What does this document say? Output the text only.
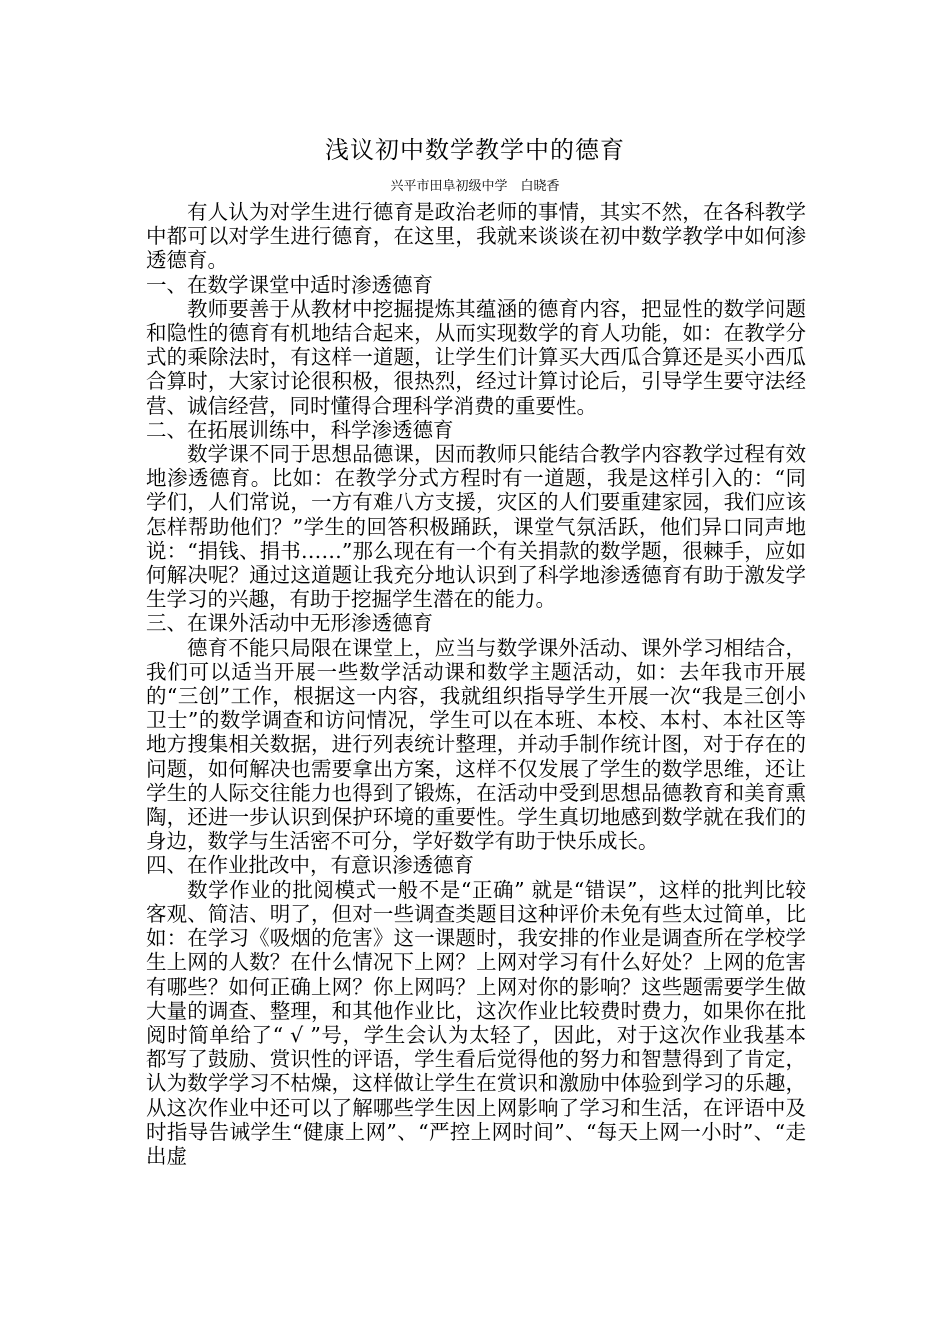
浅议初中数学教学中的德育
兴平市田阜初级中学　白晓香

有人认为对学生进行德育是政治老师的事情，其实不然，在各科教学中都可以对学生进行德育，在这里，我就来谈谈在初中数学教学中如何渗透德育。

一、在数学课堂中适时渗透德育

教师要善于从教材中挖掘提炼其蕴涵的德育内容，把显性的数学问题和隐性的德育有机地结合起来，从而实现数学的育人功能，如：在教学分式的乘除法时，有这样一道题，让学生们计算买大西瓜合算还是买小西瓜合算时，大家讨论很积极，很热烈，经过计算讨论后，引导学生要守法经营、诚信经营，同时懂得合理科学消费的重要性。

二、在拓展训练中，科学渗透德育

数学课不同于思想品德课，因而教师只能结合教学内容教学过程有效地渗透德育。比如：在教学分式方程时有一道题，我是这样引入的：“同学们，人们常说，一方有难八方支援，灾区的人们要重建家园，我们应该怎样帮助他们？”学生的回答积极踊跃，课堂气氛活跃，他们异口同声地说：“捐钱、捐书……”那么现在有一个有关捐款的数学题，很棘手，应如何解决呢？通过这道题让我充分地认识到了科学地渗透德育有助于激发学生学习的兴趣，有助于挖掘学生潜在的能力。

三、在课外活动中无形渗透德育

德育不能只局限在课堂上，应当与数学课外活动、课外学习相结合，我们可以适当开展一些数学活动课和数学主题活动，如：去年我市开展的“三创”工作，根据这一内容，我就组织指导学生开展一次“我是三创小卫士”的数学调查和访问情况，学生可以在本班、本校、本村、本社区等地方搜集相关数据，进行列表统计整理，并动手制作统计图，对于存在的问题，如何解决也需要拿出方案，这样不仅发展了学生的数学思维，还让学生的人际交往能力也得到了锻炼，在活动中受到思想品德教育和美育熏陶，还进一步认识到保护环境的重要性。学生真切地感到数学就在我们的身边，数学与生活密不可分，学好数学有助于快乐成长。

四、在作业批改中，有意识渗透德育

数学作业的批阅模式一般不是“正确” 就是“错误”，这样的批判比较客观、简洁、明了，但对一些调查类题目这种评价未免有些太过简单，比如：在学习《吸烟的危害》这一课题时，我安排的作业是调查所在学校学生上网的人数？在什么情况下上网？上网对学习有什么好处？上网的危害有哪些？如何正确上网？你上网吗？上网对你的影响？这些题需要学生做大量的调查、整理，和其他作业比，这次作业比较费时费力，如果你在批阅时简单给了“ √ ”号，学生会认为太轻了，因此，对于这次作业我基本都写了鼓励、赏识性的评语，学生看后觉得他的努力和智慧得到了肯定，认为数学学习不枯燥，这样做让学生在赏识和激励中体验到学习的乐趣，从这次作业中还可以了解哪些学生因上网影响了学习和生活，在评语中及时指导告诫学生“健康上网”、“严控上网时间”、“每天上网一小时”、“走出虚
